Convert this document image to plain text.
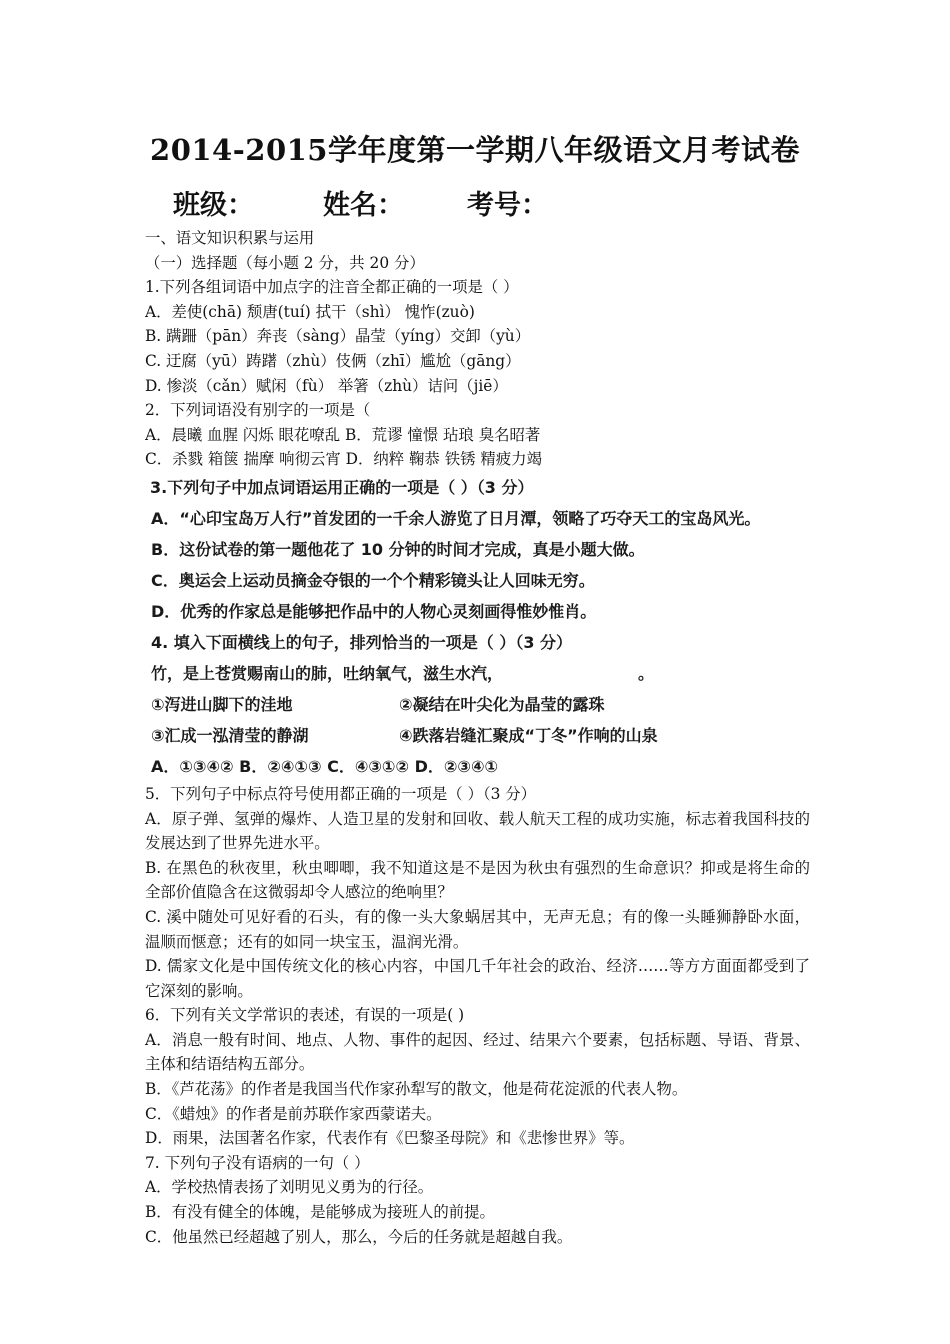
2014-2015学年度第一学期八年级语文月考试卷
班级：	姓名： 考号：
一、语文知识积累与运用
（一）选择题（每小题 2 分，共 20 分）
1.下列各组词语中加点字的注音全都正确的一项是（ ）
A．差使(chā) 颓唐(tuí) 拭干（shì） 愧怍(zuò)
B. 蹒跚（pān）奔丧（sàng）晶莹（yíng）交卸（yù）
C. 迂腐（yū）踌躇（zhù）伎俩（zhī）尴尬（gāng）
D. 惨淡（cǎn）赋闲（fù） 举箸（zhù）诘问（jiē）
2．下列词语没有别字的一项是（
A．晨曦 血腥 闪烁 眼花嘹乱 B．荒谬 憧憬 玷琅 臭名昭著
C．杀戮 箱箧 揣摩 响彻云宵 D．纳粹 鞠恭 铁锈 精疲力竭
3.下列句子中加点词语运用正确的一项是（ ）（3 分）
A．“心印宝岛万人行”首发团的一千余人游览了日月潭，领略了巧夺天工的宝岛风光。
B．这份试卷的第一题他花了 10 分钟的时间才完成，真是小题大做。
C．奥运会上运动员摘金夺银的一个个精彩镜头让人回味无穷。
D．优秀的作家总是能够把作品中的人物心灵刻画得惟妙惟肖。
4. 填入下面横线上的句子，排列恰当的一项是（ ）（3 分）
竹，是上苍赏赐南山的肺，吐纳氧气，滋生水汽，	。
①泻进山脚下的洼地	②凝结在叶尖化为晶莹的露珠
③汇成一泓清莹的静湖	④跌落岩缝汇聚成“丁冬”作响的山泉
A．①③④② B．②④①③ C．④③①② D．②③④①
5．下列句子中标点符号使用都正确的一项是（ ）（3 分）
A．原子弹、氢弹的爆炸、人造卫星的发射和回收、载人航天工程的成功实施，标志着我国科技的发展达到了世界先进水平。
B. 在黑色的秋夜里，秋虫唧唧，我不知道这是不是因为秋虫有强烈的生命意识？抑或是将生命的全部价值隐含在这微弱却令人感泣的绝响里？
C. 溪中随处可见好看的石头，有的像一头大象蜗居其中，无声无息；有的像一头睡狮静卧水面，温顺而惬意；还有的如同一块宝玉，温润光滑。
D. 儒家文化是中国传统文化的核心内容，中国几千年社会的政治、经济……等方方面面都受到了它深刻的影响。
6．下列有关文学常识的表述，有误的一项是( )
A．消息一般有时间、地点、人物、事件的起因、经过、结果六个要素，包括标题、导语、背景、主体和结语结构五部分。
B．《芦花荡》的作者是我国当代作家孙犁写的散文，他是荷花淀派的代表人物。
C．《蜡烛》的作者是前苏联作家西蒙诺夫。
D．雨果，法国著名作家，代表作有《巴黎圣母院》和《悲惨世界》等。
7. 下列句子没有语病的一句（ ）
A．学校热情表扬了刘明见义勇为的行径。
B．有没有健全的体魄，是能够成为接班人的前提。
C．他虽然已经超越了别人，那么，今后的任务就是超越自我。
